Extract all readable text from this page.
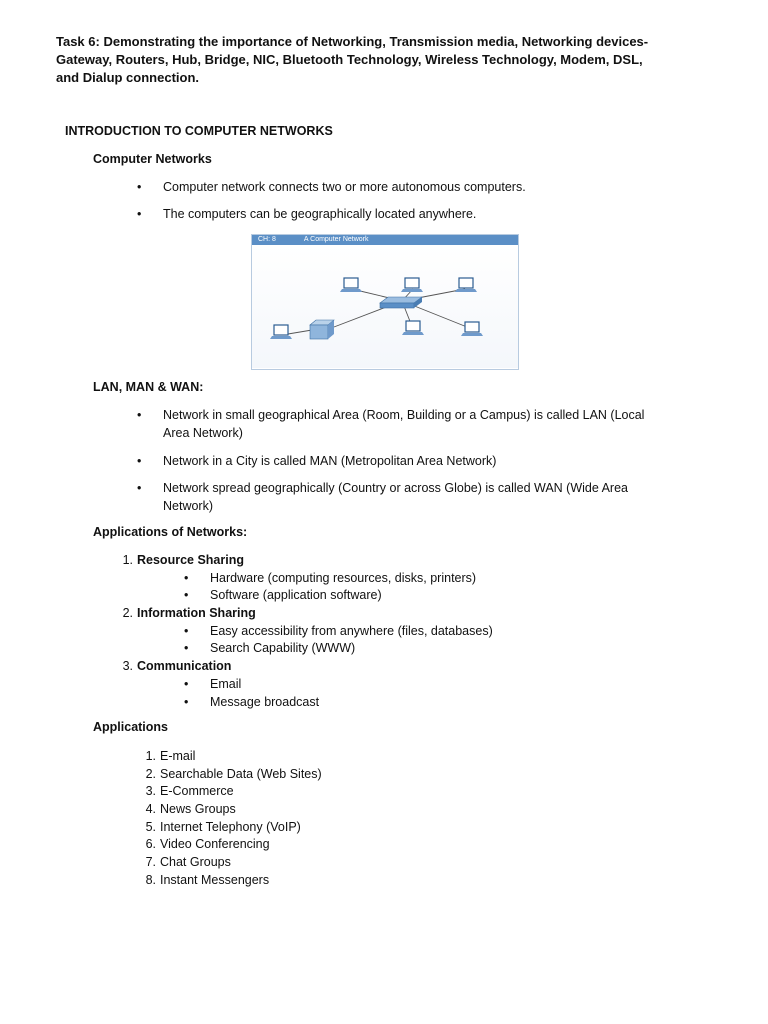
Task 6: Demonstrating the importance of Networking, Transmission media, Networking devices- Gateway, Routers, Hub, Bridge, NIC, Bluetooth Technology, Wireless Technology, Modem, DSL, and Dialup connection.
INTRODUCTION TO COMPUTER NETWORKS
Computer Networks
•
Computer network connects two or more autonomous computers.
•
The computers can be geographically located anywhere.
CH: 8	A Computer Network
LAN, MAN & WAN:
•
Network in small geographical Area (Room, Building or a Campus) is called LAN (Local Area Network)
•
Network in a City is called MAN (Metropolitan Area Network)
•
Network spread geographically (Country or across Globe) is called WAN (Wide Area Network)
Applications of Networks:
1. Resource Sharing
•
Hardware (computing resources, disks, printers)
•
Software (application software)
2. Information Sharing
•
Easy accessibility from anywhere (files, databases)
•
Search Capability (WWW)
3. Communication
•
Email
•
Message broadcast
Applications
1. E-mail
2. Searchable Data (Web Sites)
3. E-Commerce
4. News Groups
5. Internet Telephony (VoIP)
6. Video Conferencing
7. Chat Groups
8. Instant Messengers
